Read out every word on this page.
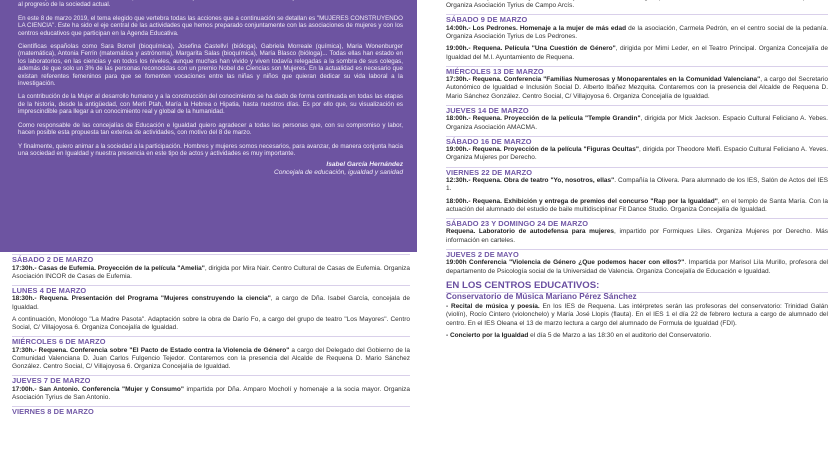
al progreso de la sociedad actual.

En este 8 de marzo 2019, el tema elegido que vertebra todas las acciones que a continuación se detallan es "MUJERES CONSTRUYENDO LA CIENCIA". Este ha sido el eje central de las actividades que hemos preparado conjuntamente con las asociaciones de mujeres y con los centros educativos que participan en la Agenda Educativa.

Científicas españolas como Sara Borrell (bioquímica), Josefina Castellví (bióloga), Gabriela Morreale (química), Maria Wonenburger (matemática), Antonia Ferrín (matemática y astrónoma), Margarita Salas (bioquímica), María Blasco (bióloga)... Todas ellas han estado en los laboratorios, en las ciencias y en todos los niveles, aunque muchas han vivido y viven todavía relegadas a la sombra de sus colegas, además de que solo un 3% de las personas reconocidas con un premio Nobel de Ciencias son Mujeres. En la actualidad es necesario que existan referentes femeninos para que se fomenten vocaciones entre las niñas y niños que quieran dedicar su vida laboral a la investigación.

La contribución de la Mujer al desarrollo humano y a la construcción del conocimiento se ha dado de forma continuada en todas las etapas de la historia, desde la antigüedad, con Merit Ptah, María la Hebrea o Hipatia, hasta nuestros días. Es por ello que, su visualización es imprescindible para llegar a un conocimiento real y global de la humanidad.

Como responsable de las concejalías de Educación e Igualdad quiero agradecer a todas las personas que, con su compromiso y labor, hacen posible esta propuesta tan extensa de actividades, con motivo del 8 de marzo.

Y finalmente, quiero animar a la sociedad a la participación. Hombres y mujeres somos necesarios, para avanzar, de manera conjunta hacia una sociedad en Igualdad y nuestra presencia en este tipo de actos y actividades es muy importante.

Isabel García Hernández
Concejala de educación, igualdad y sanidad
SÁBADO 2 DE MARZO

17:30h.- Casas de Eufemia. Proyección de la película "Amelia", dirigida por Mira Nair. Centro Cultural de Casas de Eufemia. Organiza Asociación INCOR de Casas de Eufemia.

LUNES 4 DE MARZO

18:30h.- Requena. Presentación del Programa "Mujeres construyendo la ciencia", a cargo de Dña. Isabel García, concejala de Igualdad.

A continuación, Monólogo "La Madre Pasota". Adaptación sobre la obra de Darío Fo, a cargo del grupo de teatro "Los Mayores". Centro Social, C/ Villajoyosa 6. Organiza Concejalía de Igualdad.

MIÉRCOLES 6 DE MARZO

17:30h.- Requena. Conferencia sobre "El Pacto de Estado contra la Violencia de Género" a cargo del Delegado del Gobierno de la Comunidad Valenciana D. Juan Carlos Fulgencio Tejedor. Contaremos con la presencia del Alcalde de Requena D. Mario Sánchez González. Centro Social, C/ Villajoyosa 6. Organiza Concejalía de Igualdad.

JUEVES 7 DE MARZO

17:00h.- San Antonio. Conferencia "Mujer y Consumo" impartida por Dña. Amparo Mocholí y homenaje a la socia mayor. Organiza Asociación Tyrius de San Antonio.

VIERNES 8 DE MARZO

Organiza Asociación Tyrius de Campo Arcís.

SÁBADO 9 DE MARZO

14:00h.- Los Pedrones. Homenaje a la mujer de más edad de la asociación, Carmela Pedrón, en el centro social de la pedanía. Organiza Asociación Tyrius de Los Pedrones.

19:00h.- Requena. Película "Una Cuestión de Género", dirigida por Mimi Leder, en el Teatro Principal. Organiza Concejalía de Igualdad del M.I. Ayuntamiento de Requena.

MIÉRCOLES 13 DE MARZO

17:30h.- Requena. Conferencia "Familias Numerosas y Monoparentales en la Comunidad Valenciana", a cargo del Secretario Autonómico de Igualdad e Inclusión Social D. Alberto Ibáñez Mezquita. Contaremos con la presencia del Alcalde de Requena D. Mario Sánchez González. Centro Social, C/ Villajoyosa 6. Organiza Concejalía de Igualdad.

JUEVES 14 DE MARZO

18:00h.- Requena. Proyección de la película "Temple Grandin", dirigida por Mick Jackson. Espacio Cultural Feliciano A. Yebes. Organiza Asociación AMACMA.

SÁBADO 16 DE MARZO

19:00h.- Requena. Proyección de la película "Figuras Ocultas", dirigida por Theodore Melfi. Espacio Cultural Feliciano A. Yeves. Organiza Mujeres por Derecho.

VIERNES 22 DE MARZO

12:30h.- Requena. Obra de teatro "Yo, nosotros, ellas". Compañía la Olivera. Para alumnado de los IES, Salón de Actos del IES 1.

18:00h.- Requena. Exhibición y entrega de premios del concurso "Rap por la Igualdad", en el templo de Santa María. Con la actuación del alumnado del estudio de baile multidisciplinar Fit Dance Studio. Organiza Concejalía de Igualdad.

SÁBADO 23 Y DOMINGO 24 DE MARZO

Requena. Laboratorio de autodefensa para mujeres, impartido por Formiques Liles. Organiza Mujeres por Derecho. Más información en carteles.

JUEVES 2 DE MAYO

19:00h Conferencia "Violencia de Género ¿Que podemos hacer con ellos?". Impartida por Marisol Lila Murillo, profesora del departamento de Psicología social de la Universidad de Valencia. Organiza Concejalía de Educación e Igualdad.

EN LOS CENTROS EDUCATIVOS:
Conservatorio de Música Mariano Pérez Sánchez

- Recital de música y poesía. En los IES de Requena. Las intérpretes serán las profesoras del conservatorio: Trinidad Galán (violín), Rocío Cintero (violonchelo) y María José Llopis (flauta). En el IES 1 el día 22 de febrero lectura a cargo de alumnado del centro. En el IES Oleana el 13 de marzo lectura a cargo del alumnado de Formula de Igualdad (FDI).

- Concierto por la Igualdad el día 5 de Marzo a las 18:30 en el auditorio del Conservatorio.
